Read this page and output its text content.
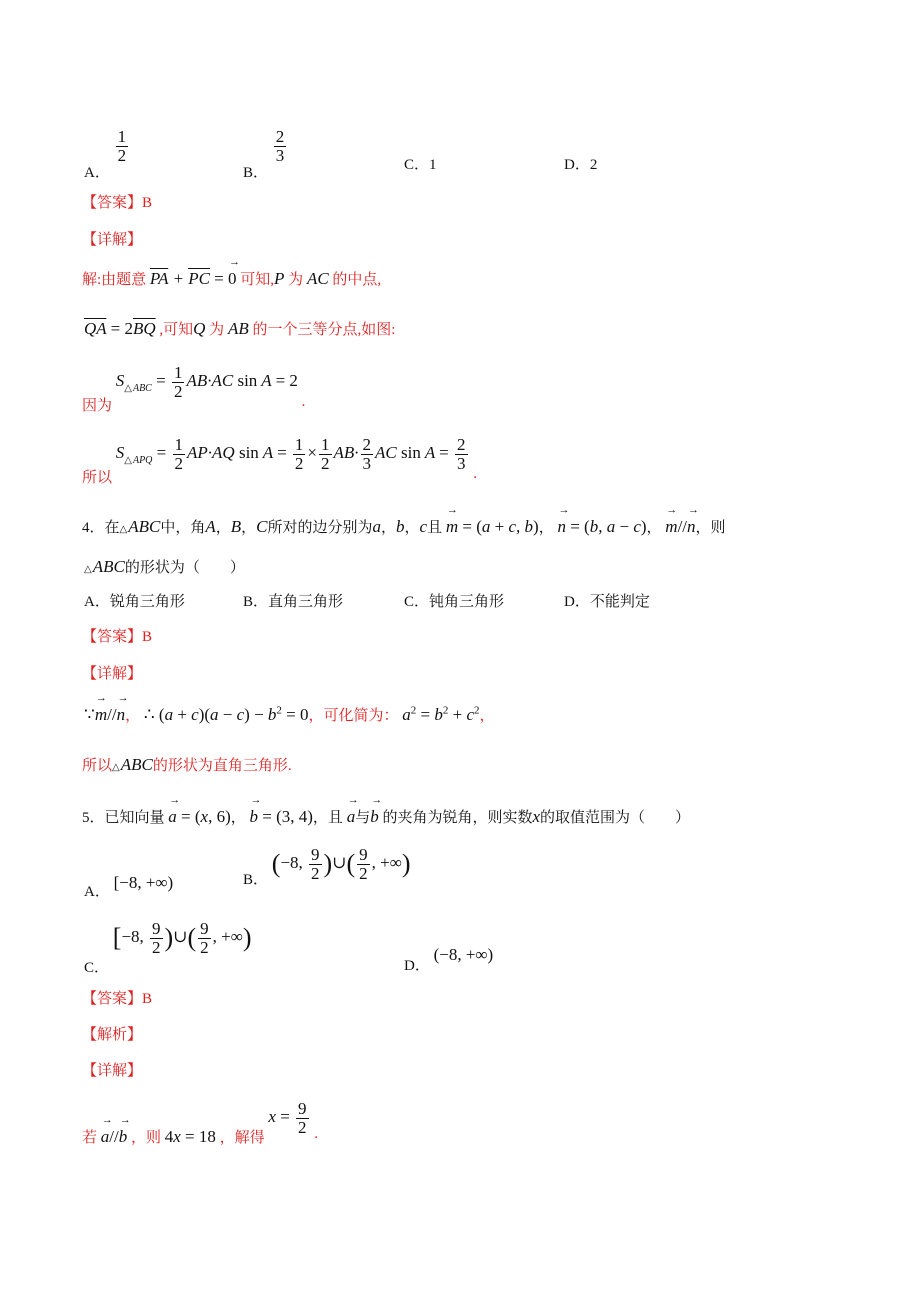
A．
$\frac{1}{2}$
B．
$\frac{2}{3}$
C．1	D．2
【答案】B
【详解】
解:由题意 $\overline{PA} + \overline{PC}$ = → 0 可知,P 为 AC 的中点,
$\overline{QA} = 2\overline{BQ}$ ,可知Q 为 AB 的一个三等分点,如图:
因为 $S_{\triangle ABC} = \frac{1}{2} AB\cdot AC$ sin A = 2 .
所以 $S_{\triangle APQ} = \frac{1}{2} AP\cdot AQ$ $\sin A = \frac{1}{2} \times \frac{1}{2} AB\cdot \frac{2}{3}$ AC $\sin A = \frac{2}{3}$
.
4．在△ABC中，角A，B，C所对的边分别为a，b，c且 → m = (a + c, b)， → n = (b, a − c)， → m//→ n，则
△ABC的形状为（　　）
A．锐角三角形	B．直角三角形	C．钝角三角形	D．不能判定
【答案】B
【详解】
∵→ m//→ n， ∴ $(a + c)(a - c) - b^2 = 0$，可化简为： $a^2 = b^2 + c^2$，
所以△ABC的形状为直角三角形.
5．已知向量 → a = (x, 6)， → b = (3, 4)，且 → a与→ b 的夹角为锐角，则实数x的取值范围为（　　）
A． [−8, +∞)	B． (−8, $\frac{9}{2}$ )∪( $\frac{9}{2}$ , +∞)
C． [−8, $\frac{9}{2}$ )∪( $\frac{9}{2}$ , +∞)
D． (−8, +∞)
【答案】B
【解析】
【详解】
若 → a//→ b ，则 4x = 18 ，解得 $x = \frac{9}{2}$ .
